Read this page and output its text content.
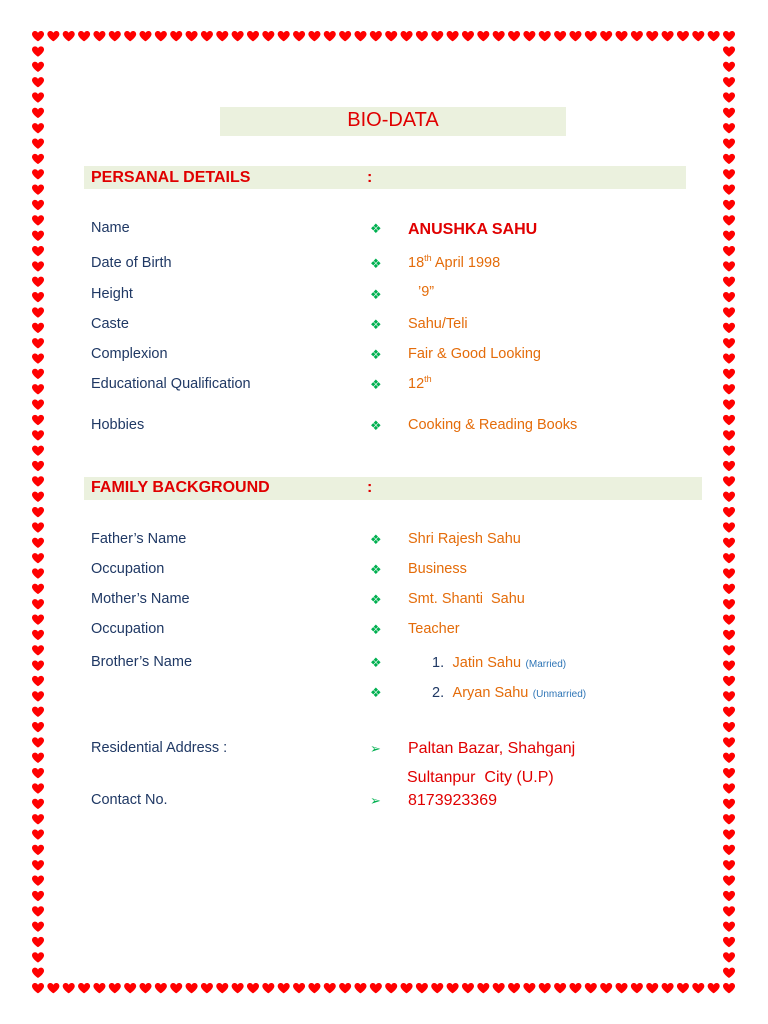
BIO-DATA
PERSANAL DETAILS	:
Name	❖ ANUSHKA SAHU
Date of Birth	❖ 18th April 1998
Height	❖	’9”
Caste	❖ Sahu/Teli
Complexion	❖ Fair & Good Looking
Educational Qualification	❖ 12th
Hobbies	❖ Cooking & Reading Books
FAMILY BACKGROUND	:
Father’s Name	❖ Shri Rajesh Sahu
Occupation	❖ Business
Mother’s Name	❖ Smt. Shanti  Sahu
Occupation	❖ Teacher
Brother’s Name	❖	1. Jatin Sahu (Married)
❖	2. Aryan Sahu (Unmarried)
Residential Address :	➢ Paltan Bazar, Shahganj
Sultanpur  City (U.P)
Contact No.	➢ 8173923369
